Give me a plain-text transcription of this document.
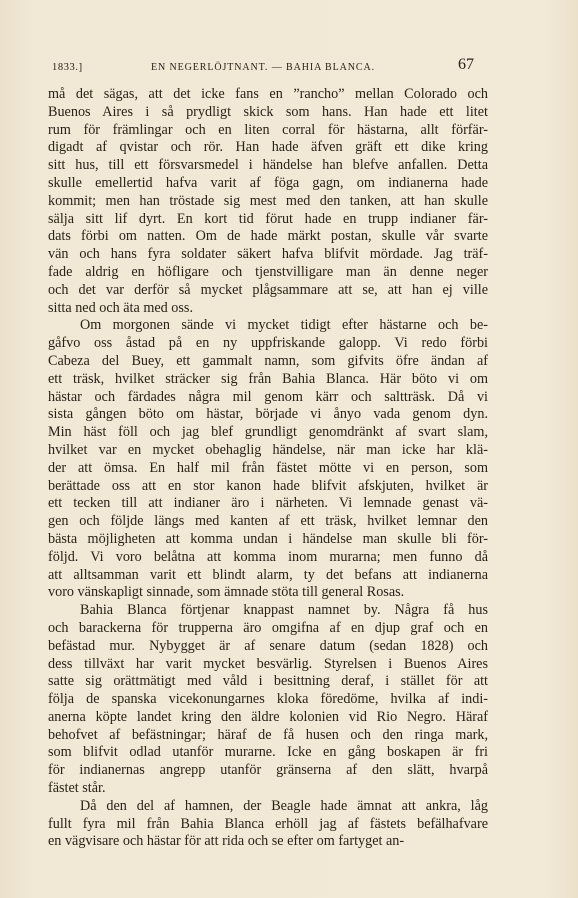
1833.]	EN NEGERLÖJTNANT. — BAHIA BLANCA.	67
må det sägas, att det icke fans en ”rancho” mellan Colorado och
Buenos Aires i så prydligt skick som hans. Han hade ett litet
rum för främlingar och en liten corral för hästarna, allt förfär-
digadt af qvistar och rör. Han hade äfven gräft ett dike kring
sitt hus, till ett försvarsmedel i händelse han blefve anfallen. Detta
skulle emellertid hafva varit af föga gagn, om indianerna hade
kommit; men han tröstade sig mest med den tanken, att han skulle
sälja sitt lif dyrt. En kort tid förut hade en trupp indianer fär-
dats förbi om natten. Om de hade märkt postan, skulle vår svarte
vän och hans fyra soldater säkert hafva blifvit mördade. Jag träf-
fade aldrig en höfligare och tjenstvilligare man än denne neger
och det var derför så mycket plågsammare att se, att han ej ville
sitta ned och äta med oss.
Om morgonen sände vi mycket tidigt efter hästarne och be-
gåfvo oss åstad på en ny uppfriskande galopp. Vi redo förbi
Cabeza del Buey, ett gammalt namn, som gifvits öfre ändan af
ett träsk, hvilket sträcker sig från Bahia Blanca. Här böto vi om
hästar och färdades några mil genom kärr och saltträsk. Då vi
sista gången böto om hästar, började vi ånyo vada genom dyn.
Min häst föll och jag blef grundligt genomdränkt af svart slam,
hvilket var en mycket obehaglig händelse, när man icke har klä-
der att ömsa. En half mil från fästet mötte vi en person, som
berättade oss att en stor kanon hade blifvit afskjuten, hvilket är
ett tecken till att indianer äro i närheten. Vi lemnade genast vä-
gen och följde längs med kanten af ett träsk, hvilket lemnar den
bästa möjligheten att komma undan i händelse man skulle bli för-
följd. Vi voro belåtna att komma inom murarna; men funno då
att alltsamman varit ett blindt alarm, ty det befans att indianerna
voro vänskapligt sinnade, som ämnade stöta till general Rosas.
Bahia Blanca förtjenar knappast namnet by. Några få hus
och barackerna för trupperna äro omgifna af en djup graf och en
befästad mur. Nybygget är af senare datum (sedan 1828) och
dess tillväxt har varit mycket besvärlig. Styrelsen i Buenos Aires
satte sig orättmätigt med våld i besittning deraf, i stället för att
följa de spanska vicekonungarnes kloka föredöme, hvilka af indi-
anerna köpte landet kring den äldre kolonien vid Rio Negro. Häraf
behofvet af befästningar; häraf de få husen och den ringa mark,
som blifvit odlad utanför murarne. Icke en gång boskapen är fri
för indianernas angrepp utanför gränserna af den slätt, hvarpå
fästet står.
Då den del af hamnen, der Beagle hade ämnat att ankra, låg
fullt fyra mil från Bahia Blanca erhöll jag af fästets befälhafvare
en vägvisare och hästar för att rida och se efter om fartyget an-
